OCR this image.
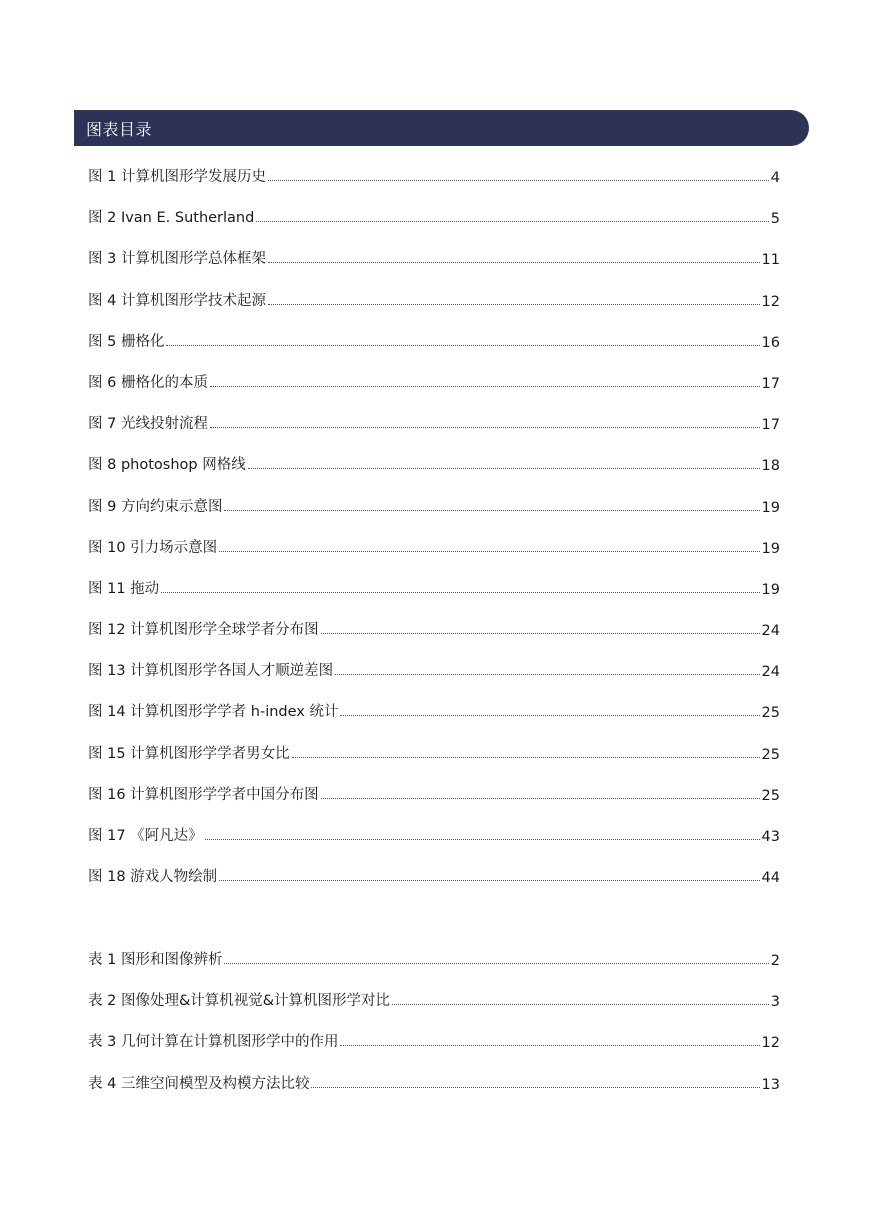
图表目录
图 1 计算机图形学发展历史	4
图 2 Ivan E. Sutherland	5
图 3 计算机图形学总体框架	11
图 4 计算机图形学技术起源	12
图 5 栅格化	16
图 6 栅格化的本质	17
图 7 光线投射流程	17
图 8 photoshop 网格线	18
图 9 方向约束示意图	19
图 10 引力场示意图	19
图 11 拖动	19
图 12 计算机图形学全球学者分布图	24
图 13 计算机图形学各国人才顺逆差图	24
图 14 计算机图形学学者 h-index 统计	25
图 15 计算机图形学学者男女比	25
图 16 计算机图形学学者中国分布图	25
图 17 《阿凡达》	43
图 18 游戏人物绘制	44
表 1 图形和图像辨析	2
表 2 图像处理&计算机视觉&计算机图形学对比	3
表 3 几何计算在计算机图形学中的作用	12
表 4 三维空间模型及构模方法比较	13
